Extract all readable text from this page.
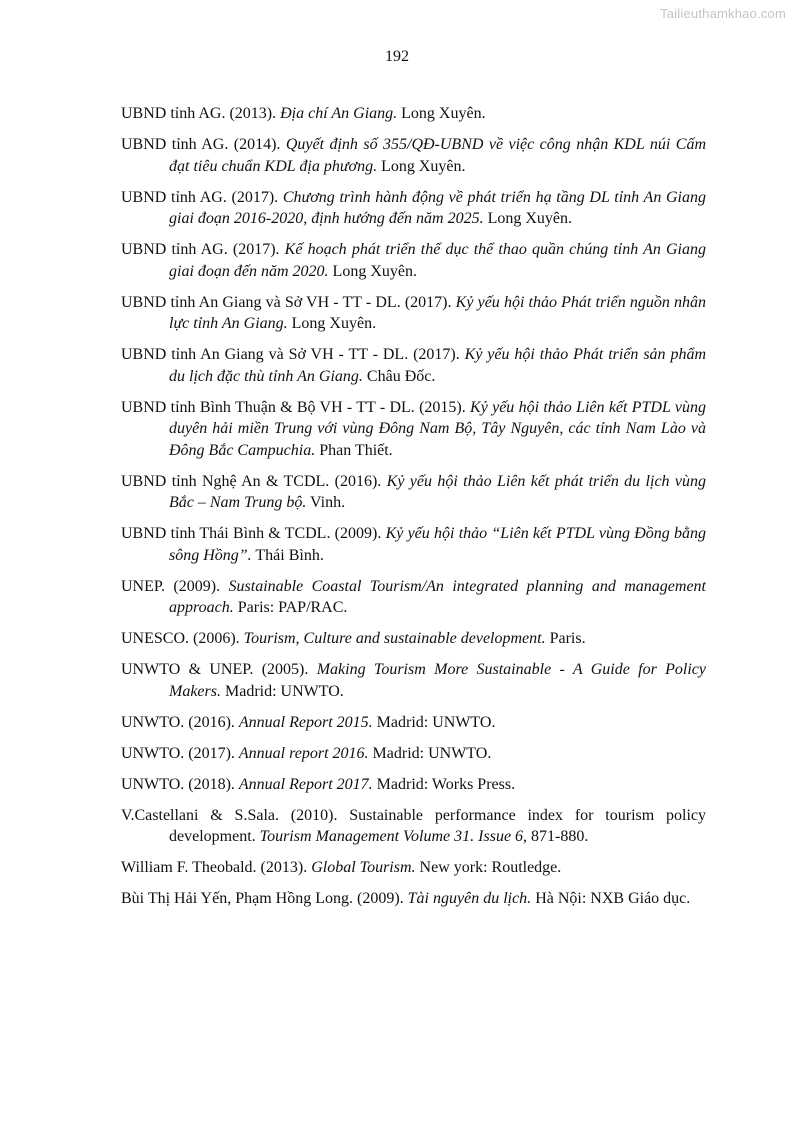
Tailieuthamkhao.com
192
UBND tỉnh AG. (2013). Địa chí An Giang. Long Xuyên.
UBND tỉnh AG. (2014). Quyết định số 355/QĐ-UBND về việc công nhận KDL núi Cấm đạt tiêu chuẩn KDL địa phương. Long Xuyên.
UBND tỉnh AG. (2017). Chương trình hành động về phát triển hạ tầng DL tỉnh An Giang giai đoạn 2016-2020, định hướng đến năm 2025. Long Xuyên.
UBND tỉnh AG. (2017). Kế hoạch phát triển thể dục thể thao quần chúng tỉnh An Giang giai đoạn đến năm 2020. Long Xuyên.
UBND tỉnh An Giang và Sở VH - TT - DL. (2017). Kỷ yếu hội thảo Phát triển nguồn nhân lực tỉnh An Giang. Long Xuyên.
UBND tỉnh An Giang và Sở VH - TT - DL. (2017). Kỷ yếu hội thảo Phát triển sản phẩm du lịch đặc thù tỉnh An Giang. Châu Đốc.
UBND tỉnh Bình Thuận & Bộ VH - TT - DL. (2015). Kỷ yếu hội thảo Liên kết PTDL vùng duyên hải miền Trung với vùng Đông Nam Bộ, Tây Nguyên, các tỉnh Nam Lào và Đông Bắc Campuchia. Phan Thiết.
UBND tỉnh Nghệ An & TCDL. (2016). Kỷ yếu hội thảo Liên kết phát triển du lịch vùng Bắc – Nam Trung bộ. Vinh.
UBND tỉnh Thái Bình & TCDL. (2009). Kỷ yếu hội thảo “Liên kết PTDL vùng Đồng bằng sông Hồng”. Thái Bình.
UNEP. (2009). Sustainable Coastal Tourism/An integrated planning and management approach. Paris: PAP/RAC.
UNESCO. (2006). Tourism, Culture and sustainable development. Paris.
UNWTO & UNEP. (2005). Making Tourism More Sustainable - A Guide for Policy Makers. Madrid: UNWTO.
UNWTO. (2016). Annual Report 2015. Madrid: UNWTO.
UNWTO. (2017). Annual report 2016. Madrid: UNWTO.
UNWTO. (2018). Annual Report 2017. Madrid: Works Press.
V.Castellani & S.Sala. (2010). Sustainable performance index for tourism policy development. Tourism Management Volume 31. Issue 6, 871-880.
William F. Theobald. (2013). Global Tourism. New york: Routledge.
Bùi Thị Hải Yến, Phạm Hồng Long. (2009). Tài nguyên du lịch. Hà Nội: NXB Giáo dục.
